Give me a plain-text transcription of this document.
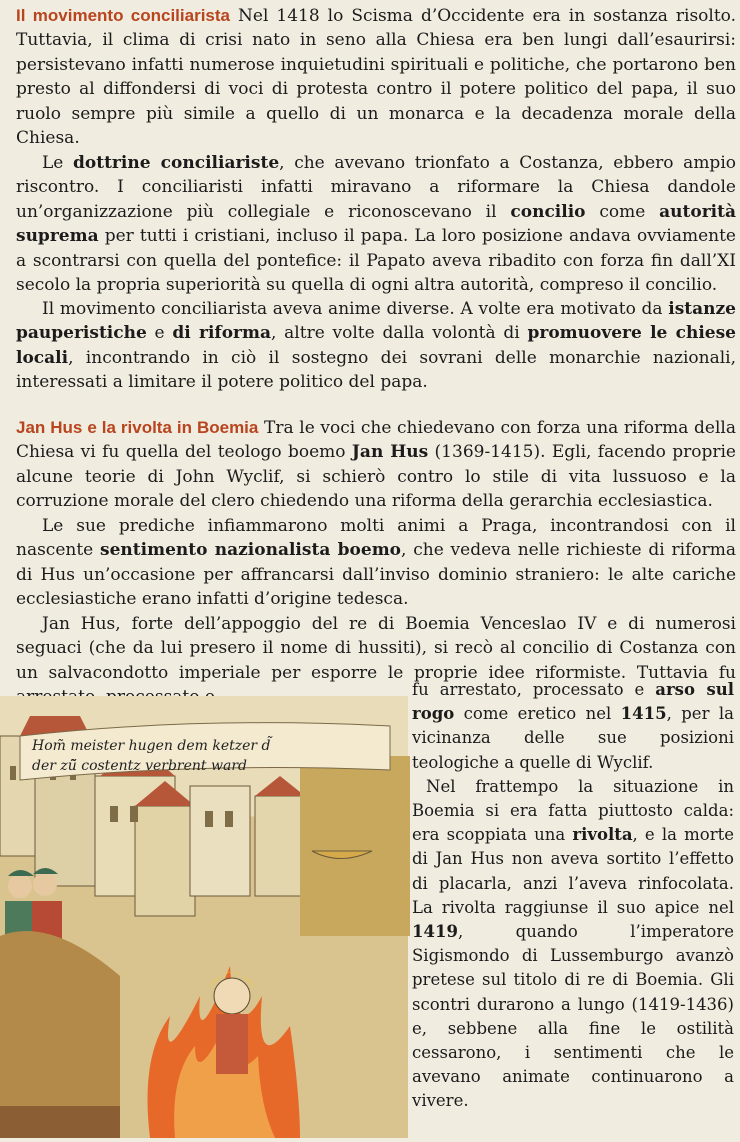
Il movimento conciliarista Nel 1418 lo Scisma d’Occidente era in sostanza risolto. Tuttavia, il clima di crisi nato in seno alla Chiesa era ben lungi dall’esaurirsi: persistevano infatti numerose inquietudini spirituali e politiche, che portarono ben presto al diffondersi di voci di protesta contro il potere politico del papa, il suo ruolo sempre più simile a quello di un monarca e la decadenza morale della Chiesa.

Le dottrine conciliariste, che avevano trionfato a Costanza, ebbero ampio riscontro. I conciliaristi infatti miravano a riformare la Chiesa dandole un’organizzazione più collegiale e riconoscevano il concilio come autorità suprema per tutti i cristiani, incluso il papa. La loro posizione andava ovviamente a scontrarsi con quella del pontefice: il Papato aveva ribadito con forza fin dall’XI secolo la propria superiorità su quella di ogni altra autorità, compreso il concilio.

Il movimento conciliarista aveva anime diverse. A volte era motivato da istanze pauperistiche e di riforma, altre volte dalla volontà di promuovere le chiese locali, incontrando in ciò il sostegno dei sovrani delle monarchie nazionali, interessati a limitare il potere politico del papa.

Jan Hus e la rivolta in Boemia Tra le voci che chiedevano con forza una riforma della Chiesa vi fu quella del teologo boemo Jan Hus (1369-1415). Egli, facendo proprie alcune teorie di John Wyclif, si schierò contro lo stile di vita lussuoso e la corruzione morale del clero chiedendo una riforma della gerarchia ecclesiastica.

Le sue prediche infiammarono molti animi a Praga, incontrandosi con il nascente sentimento nazionalista boemo, che vedeva nelle richieste di riforma di Hus un’occasione per affrancarsi dall’inviso dominio straniero: le alte cariche ecclesiastiche erano infatti d’origine tedesca.

Jan Hus, forte dell’appoggio del re di Boemia Venceslao IV e di numerosi seguaci (che da lui presero il nome di hussiti), si recò al concilio di Costanza con un salvacondotto imperiale per esporre le proprie idee riformiste. Tuttavia fu

fu arrestato, processato e arso sul rogo come eretico nel 1415, per la vicinanza delle sue posizioni teologiche a quelle di Wyclif.

Nel frattempo la situazione in Boemia si era fatta piuttosto calda: era scoppiata una rivolta, e la morte di Jan Hus non aveva sortito l’effetto di placarla, anzi l’aveva rinfocolata. La rivolta raggiunse il suo apice nel 1419, quando l’imperatore Sigismondo di Lussemburgo avanzò pretese sul titolo di re di Boemia. Gli scontri durarono a lungo (1419-1436) e, sebbene alla fine le ostilità cessarono, i sentimenti che le avevano animate continuarono a vivere.

Hom̃ meister hugen dem ketzer d̃
der zũ̃ costentz verbrent ward
